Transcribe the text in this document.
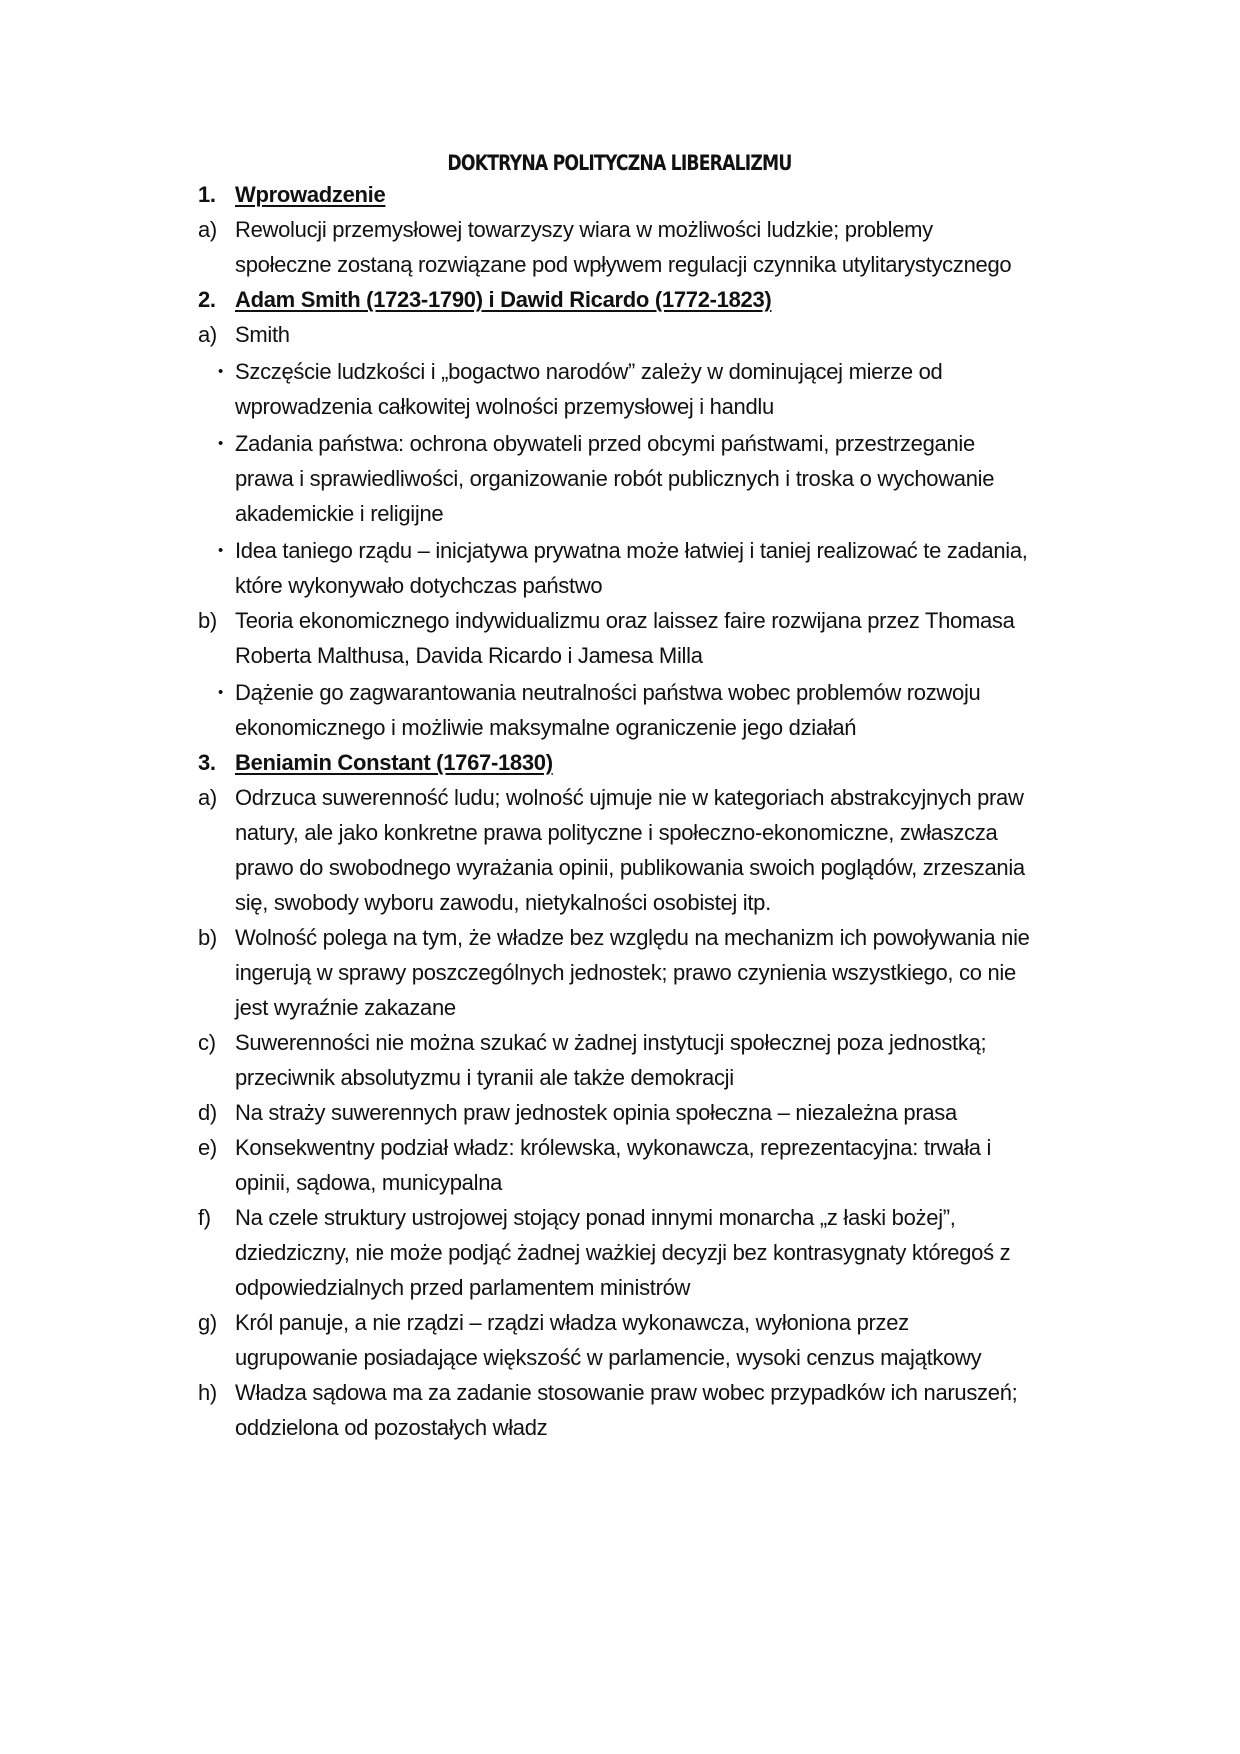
DOKTRYNA POLITYCZNA LIBERALIZMU
1. Wprowadzenie
a) Rewolucji przemysłowej towarzyszy wiara w możliwości ludzkie; problemy społeczne zostaną rozwiązane pod wpływem regulacji czynnika utylitarystycznego
2. Adam Smith (1723-1790) i Dawid Ricardo (1772-1823)
a) Smith
• Szczęście ludzkości i „bogactwo narodów” zależy w dominującej mierze od wprowadzenia całkowitej wolności przemysłowej i handlu
• Zadania państwa: ochrona obywateli przed obcymi państwami, przestrzeganie prawa i sprawiedliwości, organizowanie robót publicznych i troska o wychowanie akademickie i religijne
• Idea taniego rządu – inicjatywa prywatna może łatwiej i taniej realizować te zadania, które wykonywało dotychczas państwo
b) Teoria ekonomicznego indywidualizmu oraz laissez faire rozwijana przez Thomasa Roberta Malthusa, Davida Ricardo i Jamesa Milla
• Dążenie go zagwarantowania neutralności państwa wobec problemów rozwoju ekonomicznego i możliwie maksymalne ograniczenie jego działań
3. Beniamin Constant (1767-1830)
a) Odrzuca suwerenność ludu; wolność ujmuje nie w kategoriach abstrakcyjnych praw natury, ale jako konkretne prawa polityczne i społeczno-ekonomiczne, zwłaszcza prawo do swobodnego wyrażania opinii, publikowania swoich poglądów, zrzeszania się, swobody wyboru zawodu, nietykalności osobistej itp.
b) Wolność polega na tym, że władze bez względu na mechanizm ich powoływania nie ingerują w sprawy poszczególnych jednostek; prawo czynienia wszystkiego, co nie jest wyraźnie zakazane
c) Suwerenności nie można szukać w żadnej instytucji społecznej poza jednostką; przeciwnik absolutyzmu i tyranii ale także demokracji
d) Na straży suwerennych praw jednostek opinia społeczna – niezależna prasa
e) Konsekwentny podział władz: królewska, wykonawcza, reprezentacyjna: trwała i opinii, sądowa, municypalna
f) Na czele struktury ustrojowej stojący ponad innymi monarcha „z łaski bożej”, dziedziczny, nie może podjąć żadnej ważkiej decyzji bez kontrasygnaty któregoś z odpowiedzialnych przed parlamentem ministrów
g) Król panuje, a nie rządzi – rządzi władza wykonawcza, wyłoniona przez ugrupowanie posiadające większość w parlamencie, wysoki cenzus majątkowy
h) Władza sądowa ma za zadanie stosowanie praw wobec przypadków ich naruszeń; oddzielona od pozostałych władz
